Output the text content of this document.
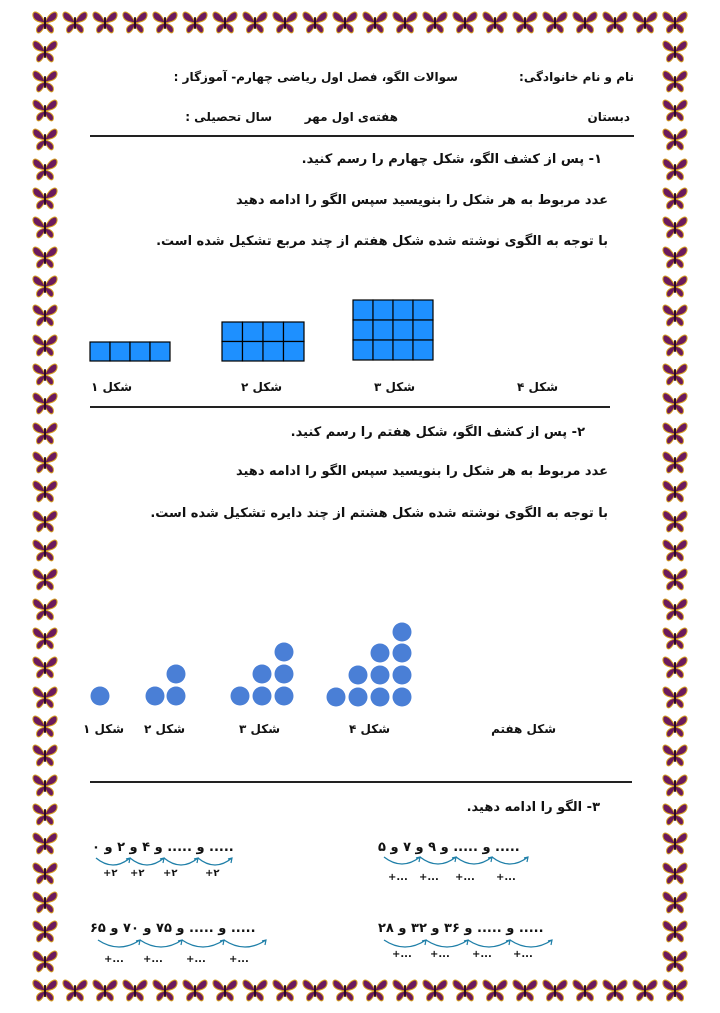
نام و نام خانوادگی:
سوالات الگو، فصل اول ریاضی چهارم- آموزگار :
دبستان
هفته‌ی اول مهر
سال تحصیلی :
۱- پس از کشف الگو، شکل چهارم را رسم کنید.
عدد مربوط به هر شکل را بنویسید سپس الگو را ادامه دهید
با توجه به الگوی نوشته شده شکل هفتم از چند مربع تشکیل شده است.
شکل ۱	شکل ۲	شکل ۳	شکل ۴
۲- پس از کشف الگو، شکل هفتم را رسم کنید.
عدد مربوط به هر شکل را بنویسید سپس الگو را ادامه دهید
با توجه به الگوی نوشته شده شکل هشتم از چند دایره تشکیل شده است.
شکل ۱ شکل ۲	شکل ۳	شکل ۴	شکل هفتم
۳- الگو را ادامه دهید.
..... و ..... و ۴ و ۲ و ۰	..... و ..... و ۹ و ۷ و ۵
..... و ..... و ۷۵ و ۷۰ و ۶۵	..... و ..... و ۳۶ و ۳۲ و ۲۸
+۲ +۲ +۲	+۲	+... +... +... +...
+... +... +... +...	+... +... +... +...
